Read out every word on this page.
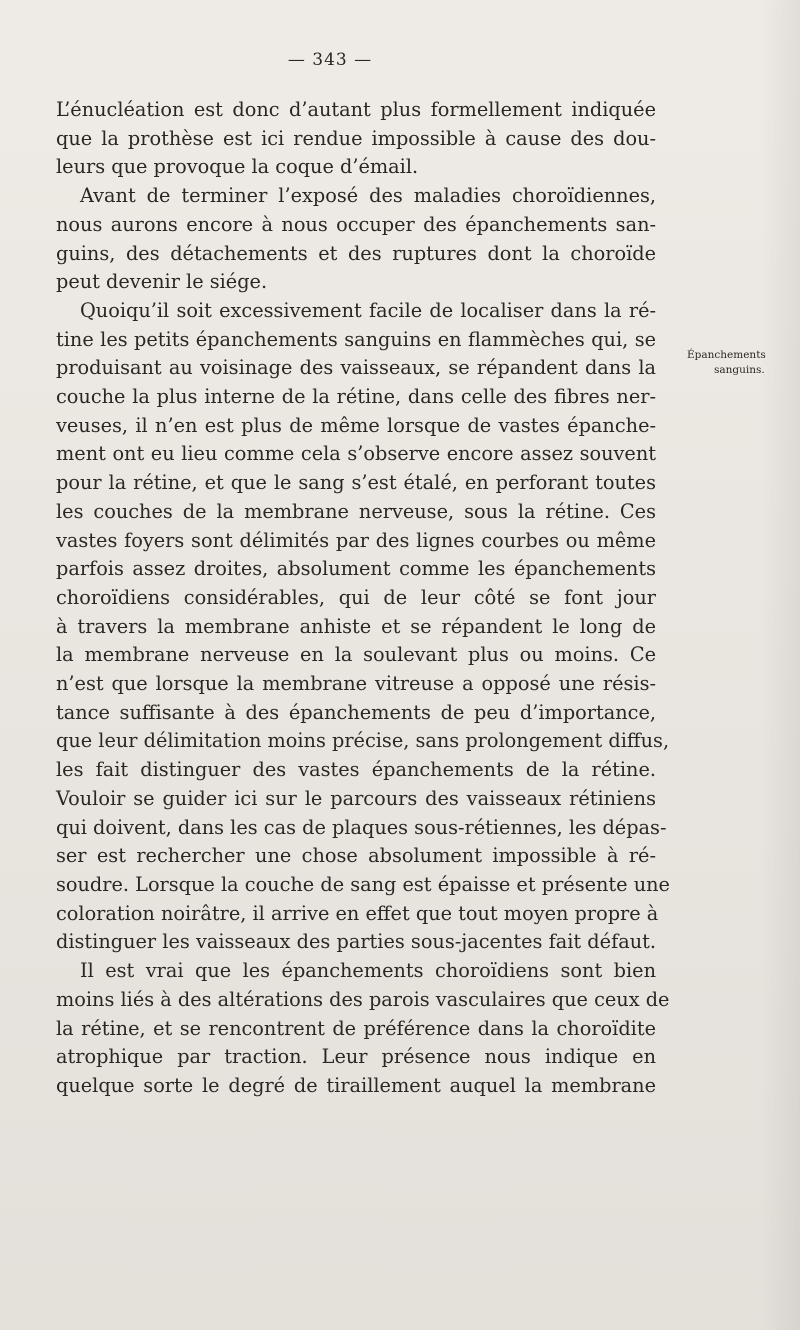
— 343 —
L’énucléation est donc d’autant plus formellement indiquée
que la prothèse est ici rendue impossible à cause des dou-
leurs que provoque la coque d’émail.
Avant de terminer l’exposé des maladies choroïdiennes,
nous aurons encore à nous occuper des épanchements san-
guins, des détachements et des ruptures dont la choroïde
peut devenir le siége.
Quoiqu’il soit excessivement facile de localiser dans la ré-
tine les petits épanchements sanguins en flammèches qui, se
produisant au voisinage des vaisseaux, se répandent dans la
couche la plus interne de la rétine, dans celle des fibres ner-
veuses, il n’en est plus de même lorsque de vastes épanche-
ment ont eu lieu comme cela s’observe encore assez souvent
pour la rétine, et que le sang s’est étalé, en perforant toutes
les couches de la membrane nerveuse, sous la rétine. Ces
vastes foyers sont délimités par des lignes courbes ou même
parfois assez droites, absolument comme les épanchements
choroïdiens considérables, qui de leur côté se font jour
à travers la membrane anhiste et se répandent le long de
la membrane nerveuse en la soulevant plus ou moins. Ce
n’est que lorsque la membrane vitreuse a opposé une résis-
tance suffisante à des épanchements de peu d’importance,
que leur délimitation moins précise, sans prolongement diffus,
les fait distinguer des vastes épanchements de la rétine.
Vouloir se guider ici sur le parcours des vaisseaux rétiniens
qui doivent, dans les cas de plaques sous-rétiennes, les dépas-
ser est rechercher une chose absolument impossible à ré-
soudre. Lorsque la couche de sang est épaisse et présente une
coloration noirâtre, il arrive en effet que tout moyen propre à
distinguer les vaisseaux des parties sous-jacentes fait défaut.
Il est vrai que les épanchements choroïdiens sont bien
moins liés à des altérations des parois vasculaires que ceux de
la rétine, et se rencontrent de préférence dans la choroïdite
atrophique par traction. Leur présence nous indique en
quelque sorte le degré de tiraillement auquel la membrane
Épanchements
sanguins.
